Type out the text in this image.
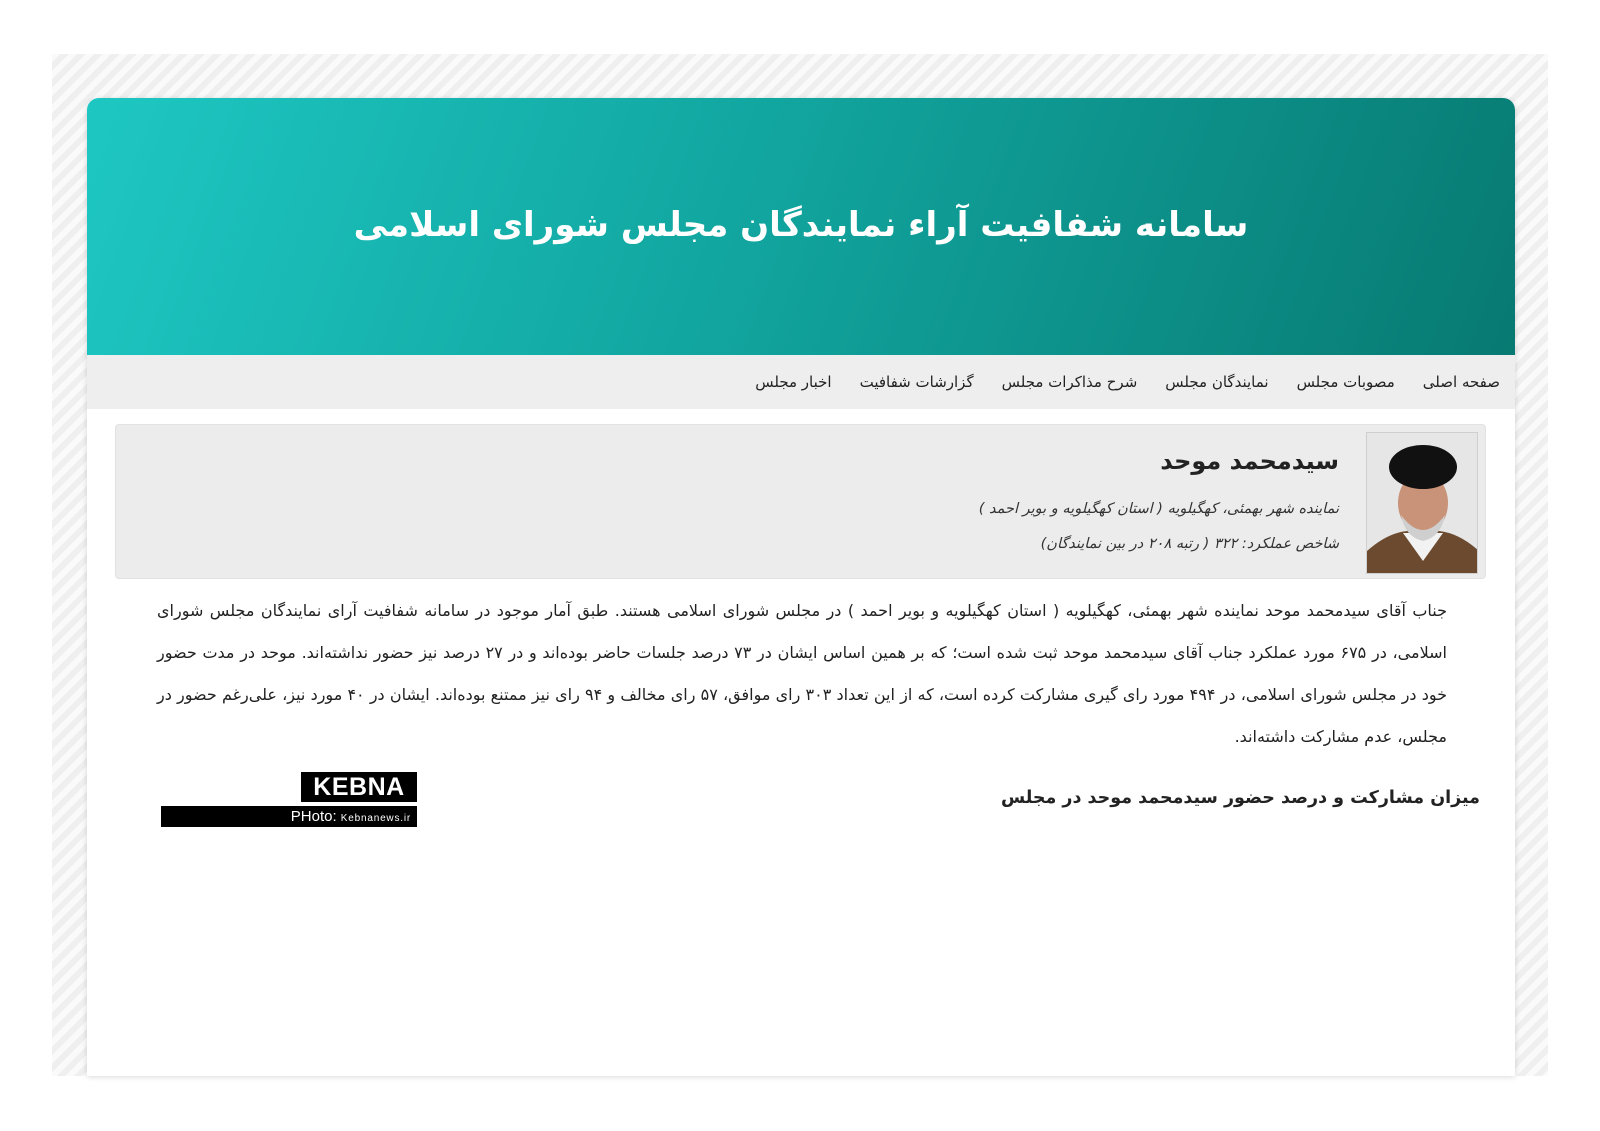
سامانه شفافیت آراء نمایندگان مجلس شورای اسلامی
صفحه اصلی
مصوبات مجلس
نمایندگان مجلس
شرح مذاکرات مجلس
گزارشات شفافیت
اخبار مجلس
سیدمحمد موحد
نماینده شهر بهمئی، کهگیلویه ( استان کهگیلویه و بویر احمد )
شاخص عملکرد: ۳۲۲ ( رتبه ۲۰۸ در بین نمایندگان)

جناب آقای سیدمحمد موحد نماینده شهر بهمئی، کهگیلویه ( استان کهگیلویه و بویر احمد ) در مجلس شورای اسلامی هستند. طبق آمار موجود در سامانه شفافیت آرای نمایندگان مجلس شورای اسلامی، در ۶۷۵ مورد عملکرد جناب آقای سیدمحمد موحد ثبت شده است؛ که بر همین اساس ایشان در ۷۳ درصد جلسات حاضر بوده‌اند و در ۲۷ درصد نیز حضور نداشته‌اند. موحد در مدت حضور خود در مجلس شورای اسلامی، در ۴۹۴ مورد رای گیری مشارکت کرده است، که از این تعداد ۳۰۳ رای موافق، ۵۷ رای مخالف و ۹۴ رای نیز ممتنع بوده‌اند. ایشان در ۴۰ مورد نیز، علی‌رغم حضور در مجلس، عدم مشارکت داشته‌اند.

میزان مشارکت و درصد حضور سیدمحمد موحد در مجلس
KEBNA
PHoto: Kebnanews.ir
